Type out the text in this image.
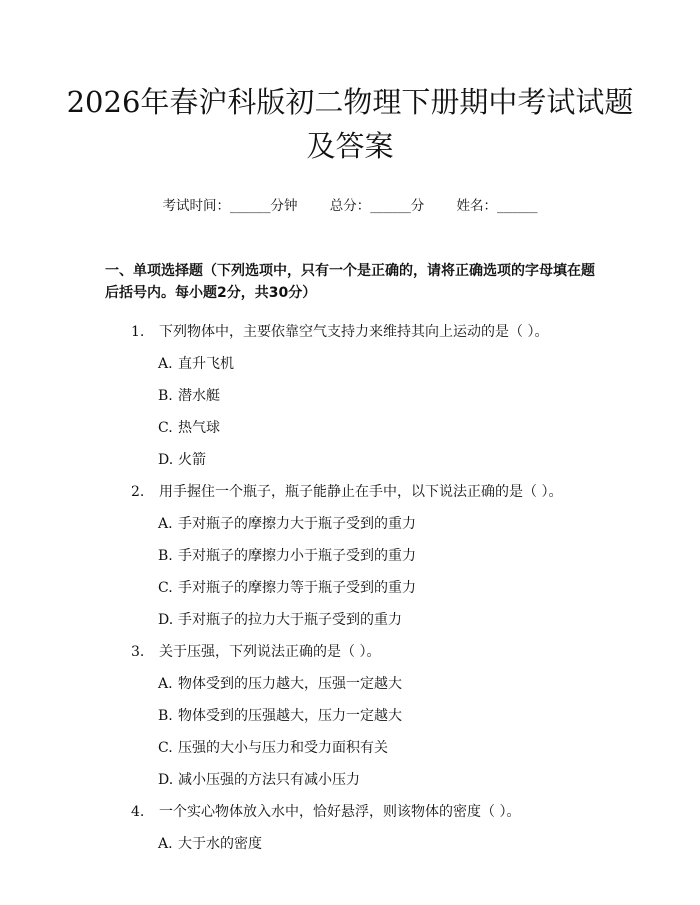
2026年春沪科版初二物理下册期中考试试题
及答案
考试时间：______分钟 总分：______分 姓名：______
一、单项选择题（下列选项中，只有一个是正确的，请将正确选项的字母填在题后括号内。每小题2分，共30分）
1.	下列物体中，主要依靠空气支持力来维持其向上运动的是（ ）。
A. 直升飞机
B. 潜水艇
C. 热气球
D. 火箭
2.	用手握住一个瓶子，瓶子能静止在手中，以下说法正确的是（ ）。
A. 手对瓶子的摩擦力大于瓶子受到的重力
B. 手对瓶子的摩擦力小于瓶子受到的重力
C. 手对瓶子的摩擦力等于瓶子受到的重力
D. 手对瓶子的拉力大于瓶子受到的重力
3.	关于压强，下列说法正确的是（ ）。
A. 物体受到的压力越大，压强一定越大
B. 物体受到的压强越大，压力一定越大
C. 压强的大小与压力和受力面积有关
D. 减小压强的方法只有减小压力
4.	一个实心物体放入水中，恰好悬浮，则该物体的密度（ ）。
A. 大于水的密度
